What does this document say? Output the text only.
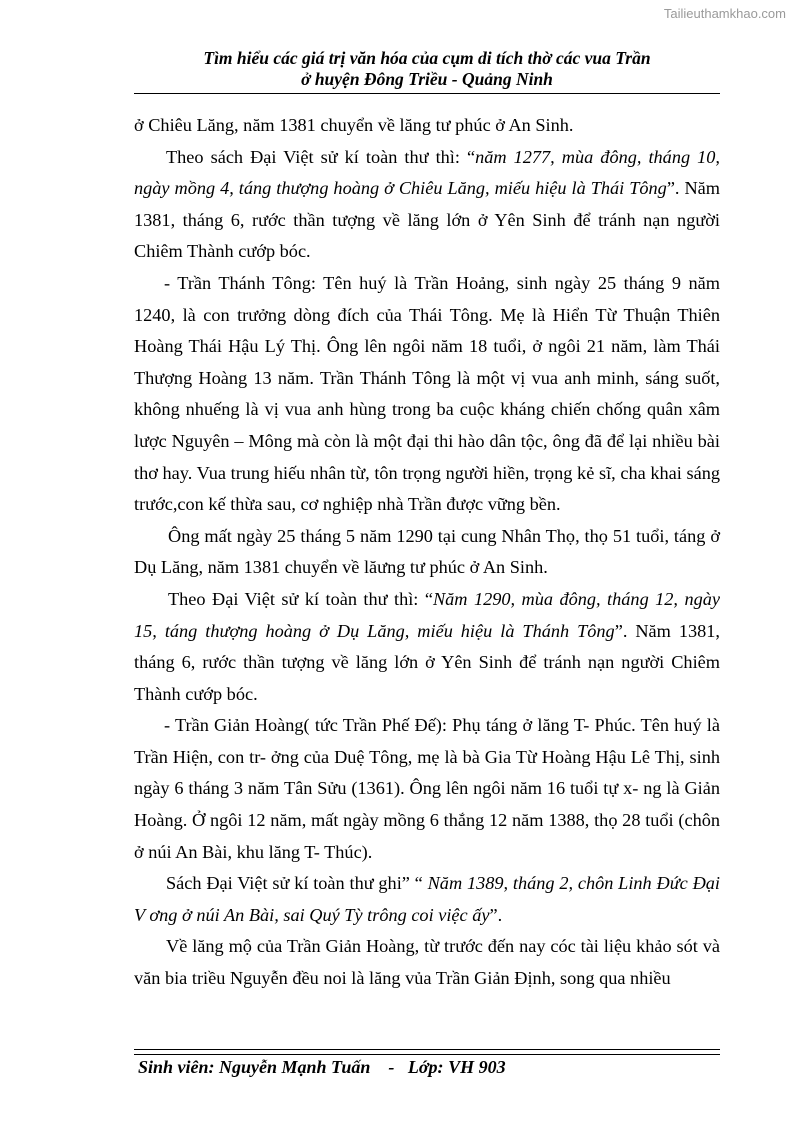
Tailieuthamkhao.com
Tìm hiểu các giá trị văn hóa của cụm di tích thờ các vua Trần
ở huyện Đông Triều - Quảng Ninh

ở Chiêu Lăng, năm 1381 chuyển về lăng tư phúc ở An Sinh.

Theo sách Đại Việt sử kí toàn thư thì: “năm 1277, mùa đông, tháng 10, ngày mồng 4, táng thượng hoàng ở Chiêu Lăng, miếu hiệu là Thái Tông”. Năm 1381, tháng 6, rước thần tượng về lăng lớn ở Yên Sinh để tránh nạn người Chiêm Thành cướp bóc.

- Trần Thánh Tông: Tên huý là Trần Hoảng, sinh ngày 25 tháng 9 năm 1240, là con trưởng dòng đích của Thái Tông. Mẹ là Hiển Từ Thuận Thiên Hoàng Thái Hậu Lý Thị. Ông lên ngôi năm 18 tuổi, ở ngôi 21 năm, làm Thái Thượng Hoàng 13 năm. Trần Thánh Tông là một vị vua anh minh, sáng suốt, không nhuếng là vị vua anh hùng trong ba cuộc kháng chiến chống quân xâm lược Nguyên – Mông mà còn là một đại thi hào dân tộc, ông đã để lại nhiều bài thơ hay. Vua trung hiếu nhân từ, tôn trọng người hiền, trọng kẻ sĩ, cha khai sáng trước,con kế thừa sau, cơ nghiệp nhà Trần được vững bền.

Ông mất ngày 25 tháng 5 năm 1290 tại cung Nhân Thọ, thọ 51 tuổi, táng ở Dụ Lăng, năm 1381 chuyển về lăưng tư phúc ở An Sinh.

Theo Đại Việt sử kí toàn thư thì: “Năm 1290, mùa đông, tháng 12, ngày 15, táng thượng hoàng ở Dụ Lăng, miếu hiệu là Thánh Tông”. Năm 1381, tháng 6, rước thần tượng về lăng lớn ở Yên Sinh để tránh nạn người Chiêm Thành cướp bóc.

- Trần Giản Hoàng( tức Trần Phế Đế): Phụ táng ở lăng T- Phúc. Tên huý là Trần Hiện, con tr- ởng của Duệ Tông, mẹ là bà Gia Từ Hoàng Hậu Lê Thị, sinh ngày 6 tháng 3 năm Tân Sửu (1361). Ông lên ngôi năm 16 tuổi tự x- ng là Giản Hoàng. Ở ngôi 12 năm, mất ngày mồng 6 thắng 12 năm 1388, thọ 28 tuổi (chôn ở núi An Bài, khu lăng T- Thúc).

Sách Đại Việt sử kí toàn thư ghi” “ Năm 1389, tháng 2, chôn Linh Đức Đại V ơng ở núi An Bài, sai Quý Tỳ trông coi việc ấy”.

Về lăng mộ của Trần Giản Hoàng, từ trước đến nay cóc tài liệu khảo sót và văn bia triều Nguyễn đều noi là lăng vủa Trần Giản Định, song qua nhiều

Sinh viên: Nguyễn Mạnh Tuấn - Lớp: VH 903
